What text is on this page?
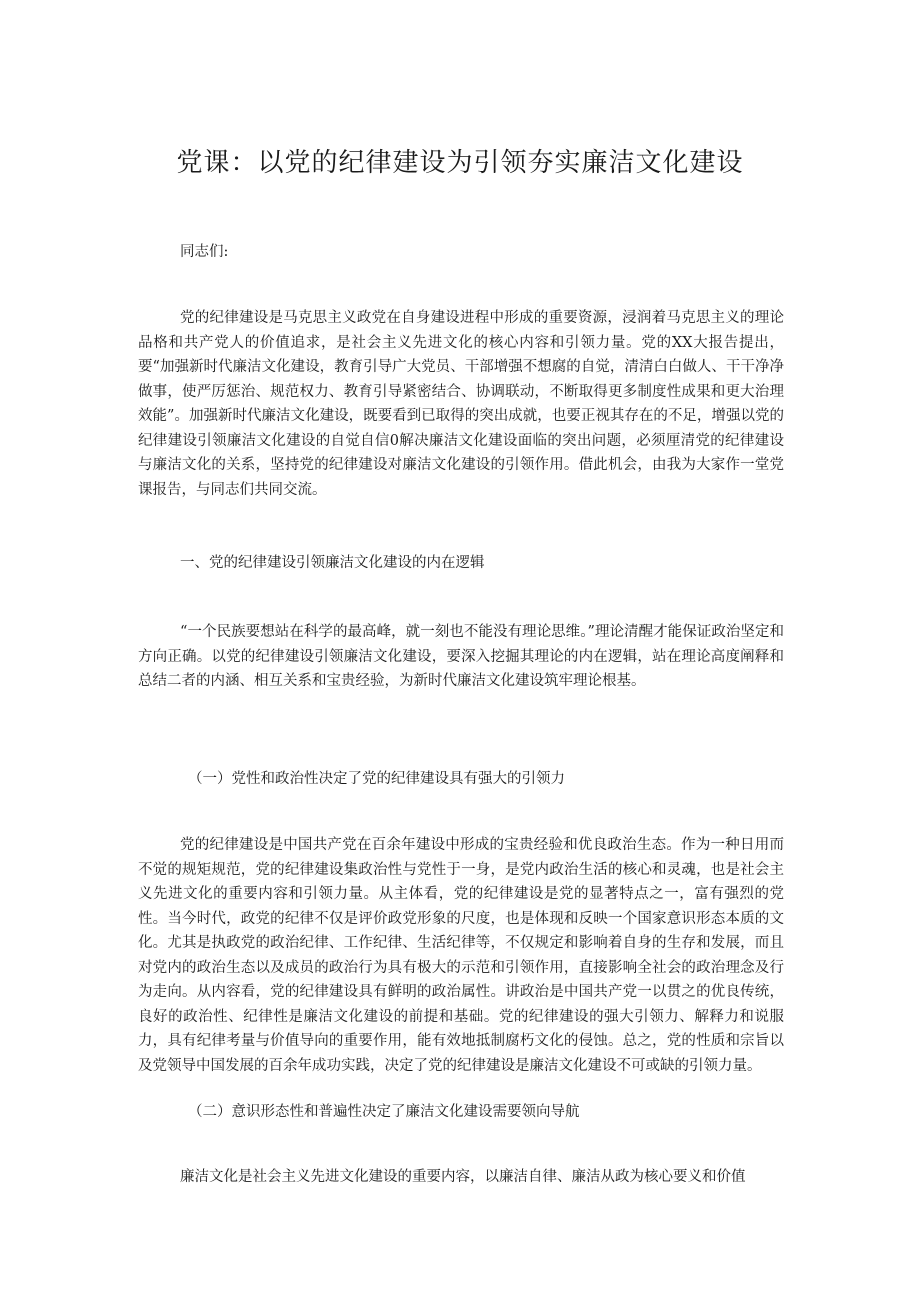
党课：以党的纪律建设为引领夯实廉洁文化建设

同志们:

党的纪律建设是马克思主义政党在自身建设进程中形成的重要资源，浸润着马克思主义的理论品格和共产党人的价值追求，是社会主义先进文化的核心内容和引领力量。党的XX大报告提出，要“加强新时代廉洁文化建设，教育引导广大党员、干部增强不想腐的自觉，清清白白做人、干干净净做事，使严厉惩治、规范权力、教育引导紧密结合、协调联动，不断取得更多制度性成果和更大治理效能”。加强新时代廉洁文化建设，既要看到已取得的突出成就，也要正视其存在的不足，增强以党的纪律建设引领廉洁文化建设的自觉自信0解决廉洁文化建设面临的突出问题，必须厘清党的纪律建设与廉洁文化的关系，坚持党的纪律建设对廉洁文化建设的引领作用。借此机会，由我为大家作一堂党课报告，与同志们共同交流。

一、党的纪律建设引领廉洁文化建设的内在逻辑

“一个民族要想站在科学的最高峰，就一刻也不能没有理论思维。”理论清醒才能保证政治坚定和方向正确。以党的纪律建设引领廉洁文化建设，要深入挖掘其理论的内在逻辑，站在理论高度阐释和总结二者的内涵、相互关系和宝贵经验，为新时代廉洁文化建设筑牢理论根基。

（一）党性和政治性决定了党的纪律建设具有强大的引领力

党的纪律建设是中国共产党在百余年建设中形成的宝贵经验和优良政治生态。作为一种日用而不觉的规矩规范，党的纪律建设集政治性与党性于一身，是党内政治生活的核心和灵魂，也是社会主义先进文化的重要内容和引领力量。从主体看，党的纪律建设是党的显著特点之一，富有强烈的党性。当今时代，政党的纪律不仅是评价政党形象的尺度，也是体现和反映一个国家意识形态本质的文化。尤其是执政党的政治纪律、工作纪律、生活纪律等，不仅规定和影响着自身的生存和发展，而且对党内的政治生态以及成员的政治行为具有极大的示范和引领作用，直接影响全社会的政治理念及行为走向。从内容看，党的纪律建设具有鲜明的政治属性。讲政治是中国共产党一以贯之的优良传统，良好的政治性、纪律性是廉洁文化建设的前提和基础。党的纪律建设的强大引领力、解释力和说服力，具有纪律考量与价值导向的重要作用，能有效地抵制腐朽文化的侵蚀。总之，党的性质和宗旨以及党领导中国发展的百余年成功实践，决定了党的纪律建设是廉洁文化建设不可或缺的引领力量。

（二）意识形态性和普遍性决定了廉洁文化建设需要领向导航

廉洁文化是社会主义先进文化建设的重要内容，以廉洁自律、廉洁从政为核心要义和价值
